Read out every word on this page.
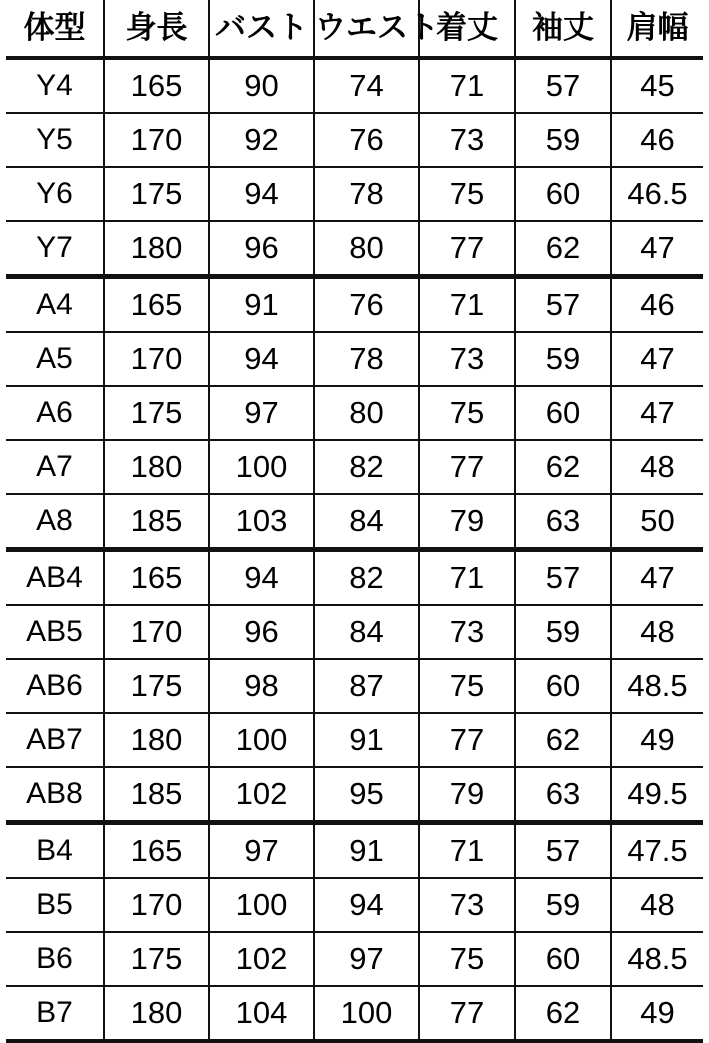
体型	身長	バスト	ウエスト	着丈	袖丈	肩幅
Y4	165	90	74	71	57	45
Y5	170	92	76	73	59	46
Y6	175	94	78	75	60	46.5
Y7	180	96	80	77	62	47
A4	165	91	76	71	57	46
A5	170	94	78	73	59	47
A6	175	97	80	75	60	47
A7	180	100	82	77	62	48
A8	185	103	84	79	63	50
AB4	165	94	82	71	57	47
AB5	170	96	84	73	59	48
AB6	175	98	87	75	60	48.5
AB7	180	100	91	77	62	49
AB8	185	102	95	79	63	49.5
B4	165	97	91	71	57	47.5
B5	170	100	94	73	59	48
B6	175	102	97	75	60	48.5
B7	180	104	100	77	62	49
